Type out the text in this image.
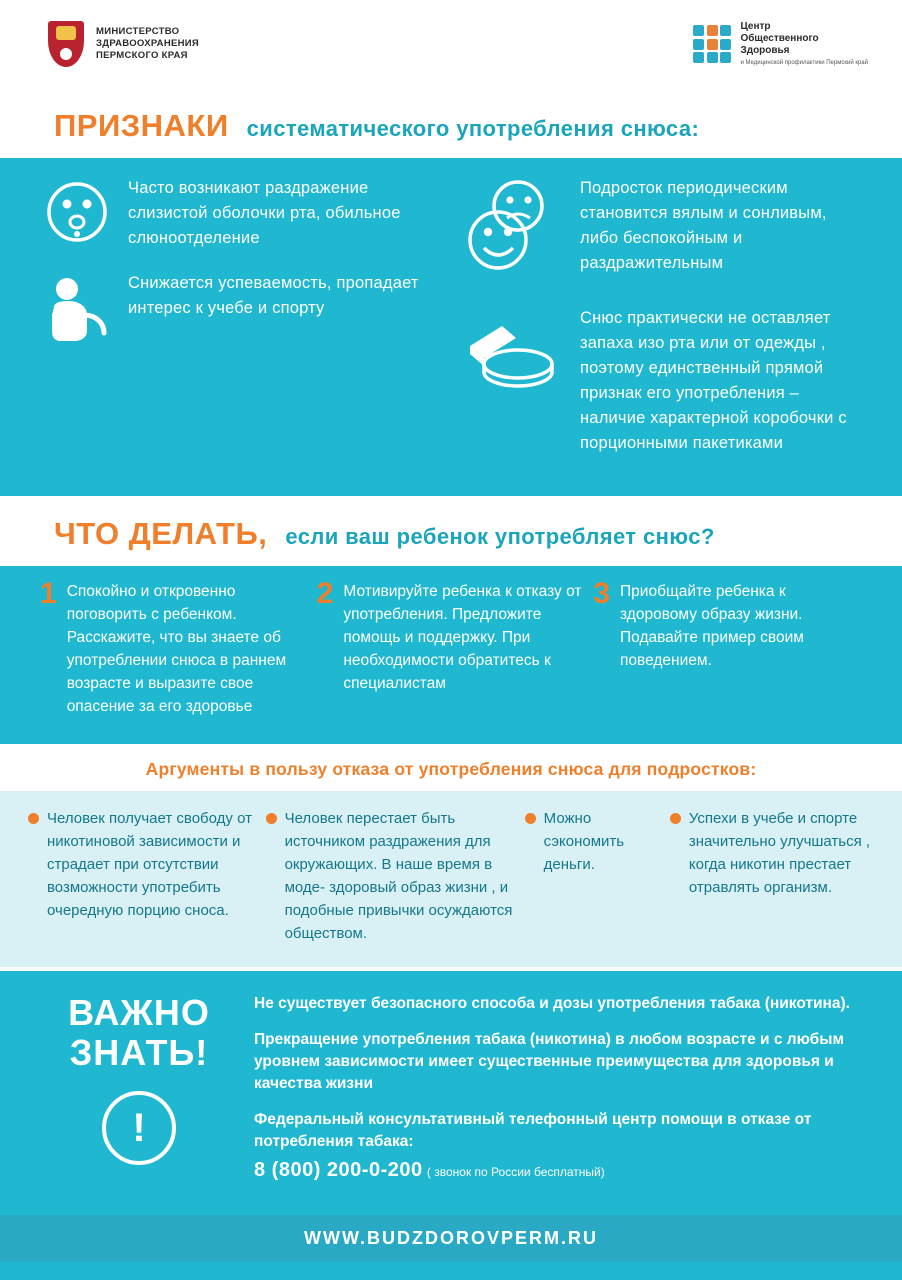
МИНИСТЕРСТВО
ЗДРАВООХРАНЕНИЯ
ПЕРМСКОГО КРАЯ
Центр
Общественного
Здоровья
и Медицинской профилактики Пермский край
ПРИЗНАКИ систематического употребления снюса:
Часто возникают раздражение слизистой оболочки рта, обильное слюноотделение
Снижается успеваемость, пропадает интерес к учебе и спорту
Подросток периодическим становится вялым и сонливым, либо беспокойным и раздражительным
Снюс практически не оставляет запаха изо рта или от одежды , поэтому единственный прямой признак его употребления –наличие характерной коробочки с порционными пакетиками
ЧТО ДЕЛАТЬ, если ваш ребенок употребляет снюс?
1 Спокойно и откровенно поговорить с ребенком. Расскажите, что вы знаете об употреблении снюса в раннем возрасте и выразите свое опасение за его здоровье
2 Мотивируйте ребенка к отказу от употребления. Предложите помощь и поддержку. При необходимости обратитесь к специалистам
3 Приобщайте ребенка к здоровому образу жизни. Подавайте пример своим поведением.
Аргументы в пользу отказа от употребления снюса для подростков:
Человек получает свободу от никотиновой зависимости и страдает при отсутствии возможности употребить очередную порцию сноса.
Человек перестает быть источником раздражения для окружающих. В наше время в моде- здоровый образ жизни , и подобные привычки осуждаются обществом.
Можно сэкономить деньги.
Успехи в учебе и спорте значительно улучшаться , когда никотин престает отравлять организм.
ВАЖНО
ЗНАТЬ!
!

Не существует безопасного способа и дозы употребления табака (никотина).

Прекращение употребления табака (никотина) в любом возрасте и с любым уровнем зависимости имеет существенные преимущества для здоровья и качества жизни

Федеральный консультативный телефонный центр помощи в отказе от потребления табака:

8 (800) 200-0-200 ( звонок по России бесплатный)

WWW.BUDZDOROVPERM.RU
